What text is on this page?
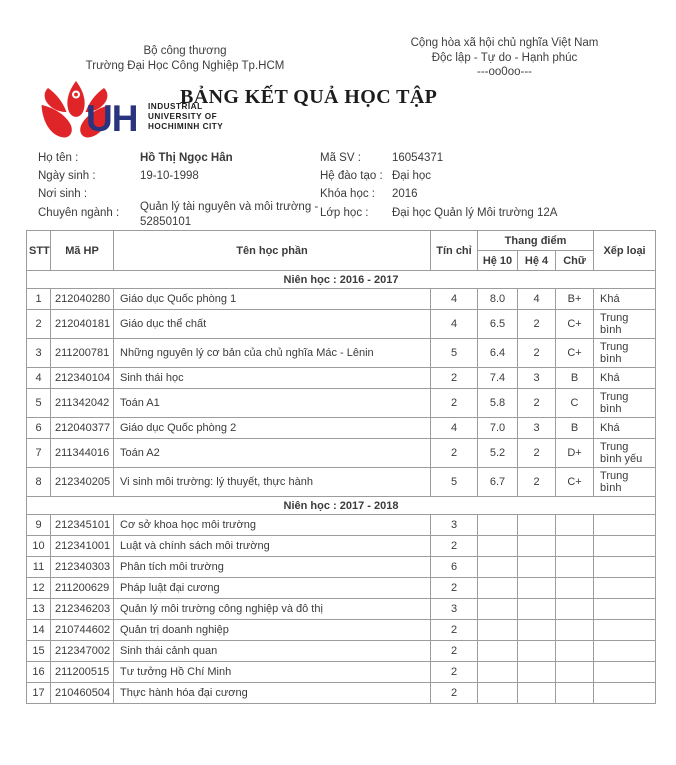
Bộ công thương
Trường Đại Học Công Nghiệp Tp.HCM
Cộng hòa xã hội chủ nghĩa Việt Nam
Độc lập - Tự do - Hạnh phúc
---oo0oo---
UH INDUSTRIAL
UNIVERSITY OF
HOCHIMINH CITY
BẢNG KẾT QUẢ HỌC TẬP
Họ tên :	Hồ Thị Ngọc Hân
Ngày sinh :	19-10-1998
Nơi sinh :
Chuyên ngành : Quản lý tài nguyên và môi trường - 52850101
Mã SV :	16054371
Hệ đào tạo : Đại học
Khóa học : 2016
Lớp học : Đại học Quản lý Môi trường 12A
STT	Mã HP	Tên học phần	Tín chỉ	Thang điểm			Xếp loại
				Hệ 10	Hệ 4	Chữ	
Niên học : 2016 - 2017							
1	212040280	Giáo dục Quốc phòng 1	4	8.0	4	B+	Khá
2	212040181	Giáo dục thể chất	4	6.5	2	C+	Trung bình
3	211200781	Những nguyên lý cơ bản của chủ nghĩa Mác - Lênin	5	6.4	2	C+	Trung bình
4	212340104	Sinh thái học	2	7.4	3	B	Khá
5	211342042	Toán A1	2	5.8	2	C	Trung bình
6	212040377	Giáo dục Quốc phòng 2	4	7.0	3	B	Khá
7	211344016	Toán A2	2	5.2	2	D+	Trung bình yếu
8	212340205	Vi sinh môi trường: lý thuyết, thực hành	5	6.7	2	C+	Trung bình
Niên học : 2017 - 2018							
9	212345101	Cơ sở khoa học môi trường	3				
10	212341001	Luật và chính sách môi trường	2				
11	212340303	Phân tích môi trường	6				
12	211200629	Pháp luật đại cương	2				
13	212346203	Quản lý môi trường công nghiệp và đô thị	3				
14	210744602	Quản trị doanh nghiệp	2				
15	212347002	Sinh thái cảnh quan	2				
16	211200515	Tư tưởng Hồ Chí Minh	2				
17	210460504	Thực hành hóa đại cương	2				
